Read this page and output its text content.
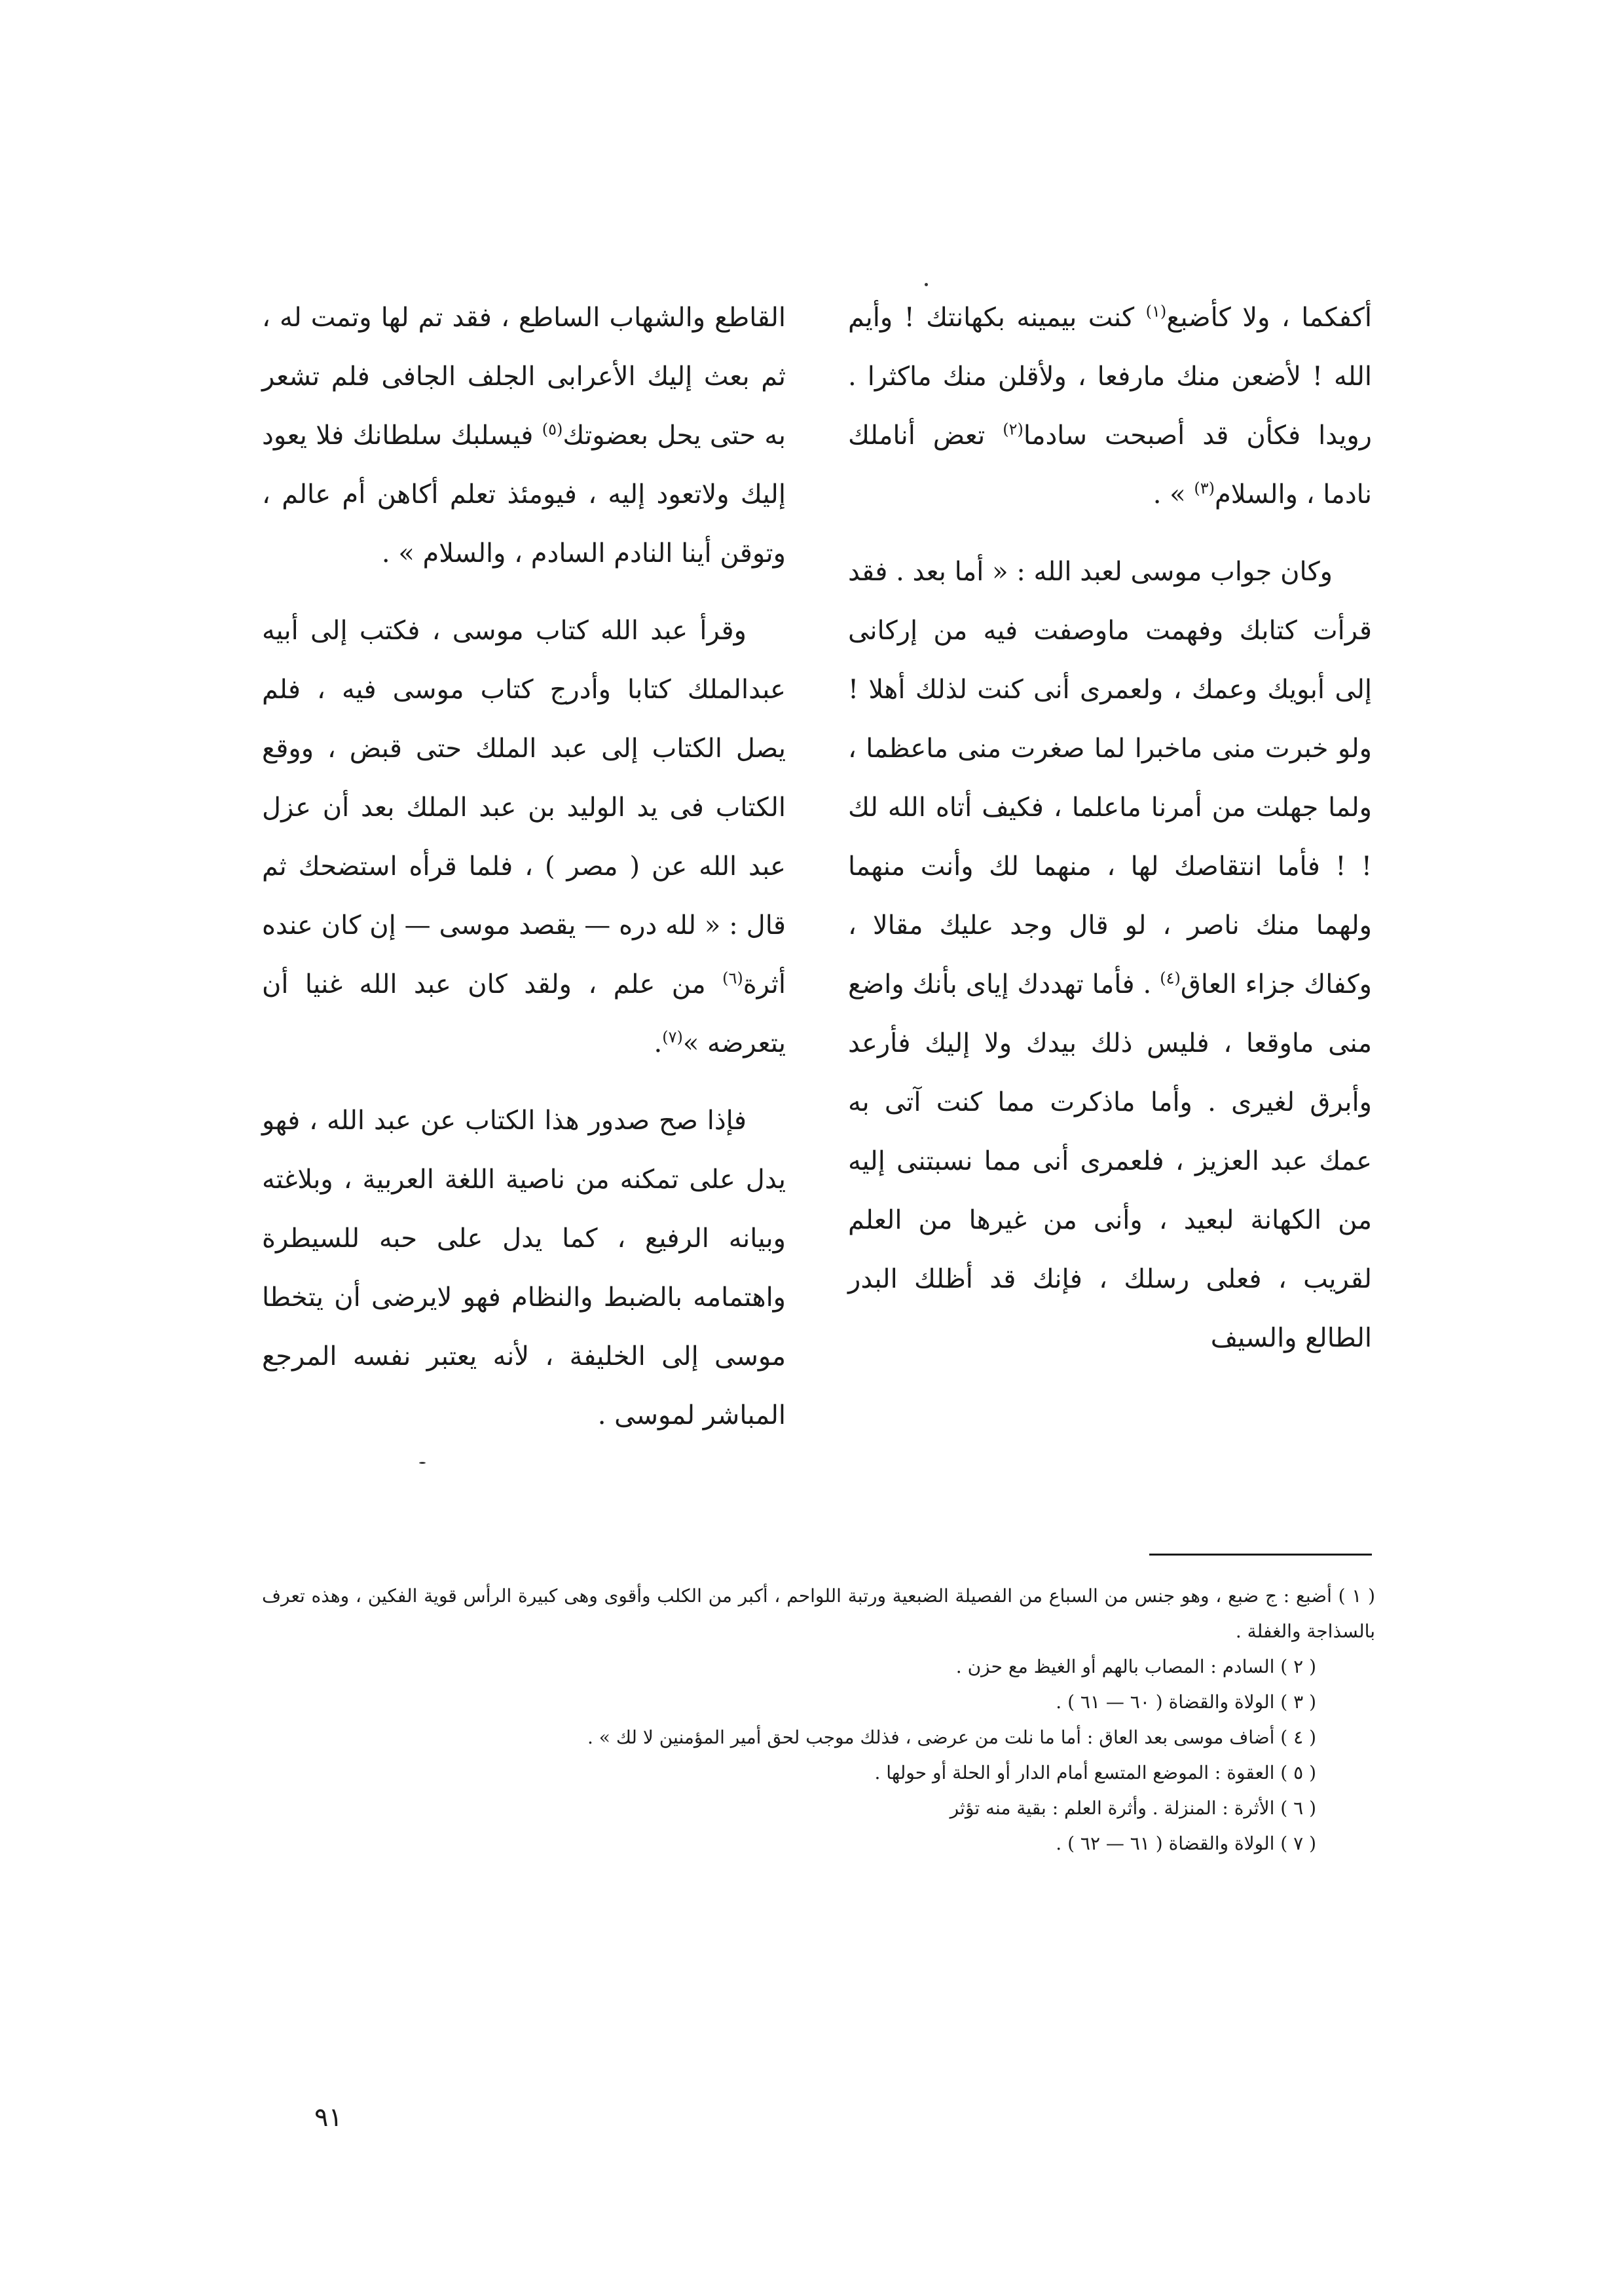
أكفكما ، ولا كأضبع$^{(١)}$ كنت بيمينه بكهانتك ! وأيم الله ! لأضعن منك مارفعا ، ولأقلن منك ماكثرا . رويدا فكأن قد أصبحت سادما$^{(٢)}$ تعض أناملك نادما ، والسلام$^{(٣)}$ » .

وكان جواب موسى لعبد الله : « أما بعد . فقد قرأت كتابك وفهمت ماوصفت فيه من إركانى إلى أبويك وعمك ، ولعمرى أنى كنت لذلك أهلا ! ولو خبرت منى ماخبرا لما صغرت منى ماعظما ، ولما جهلت من أمرنا ماعلما ، فكيف أتاه الله لك ! ! فأما انتقاصك لها ، منهما لك وأنت منهما ولهما منك ناصر ، لو قال وجد عليك مقالا ، وكفاك جزاء العاق$^{(٤)}$ . فأما تهددك إياى بأنك واضع منى ماوقعا ، فليس ذلك بيدك ولا إليك فأرعد وأبرق لغيرى . وأما ماذكرت مما كنت آتى به عمك عبد العزيز ، فلعمرى أنى مما نسبتنى إليه من الكهانة لبعيد ، وأنى من غيرها من العلم لقريب ، فعلى رسلك ، فإنك قد أظلك البدر الطالع والسيف

القاطع والشهاب الساطع ، فقد تم لها وتمت له ، ثم بعث إليك الأعرابى الجلف الجافى فلم تشعر به حتى يحل بعضوتك$^{(٥)}$ فيسلبك سلطانك فلا يعود إليك ولاتعود إليه ، فيومئذ تعلم أكاهن أم عالم ، وتوقن أينا النادم السادم ، والسلام » .

وقرأ عبد الله كتاب موسى ، فكتب إلى أبيه عبدالملك كتابا وأدرج كتاب موسى فيه ، فلم يصل الكتاب إلى عبد الملك حتى قبض ، ووقع الكتاب فى يد الوليد بن عبد الملك بعد أن عزل عبد الله عن ( مصر ) ، فلما قرأه استضحك ثم قال : « لله دره — يقصد موسى — إن كان عنده أثرة$^{(٦)}$ من علم ، ولقد كان عبد الله غنيا أن يتعرضه »$^{(٧)}$.

فإذا صح صدور هذا الكتاب عن عبد الله ، فهو يدل على تمكنه من ناصية اللغة العربية ، وبلاغته وبيانه الرفيع ، كما يدل على حبه للسيطرة واهتمامه بالضبط والنظام فهو لايرضى أن يتخطا موسى إلى الخليفة ، لأنه يعتبر نفسه المرجع المباشر لموسى .

( ١ ) أضبع : ج ضبع ، وهو جنس من السباع من الفصيلة الضبعية ورتبة اللواحم ، أكبر من الكلب وأقوى وهى كبيرة الرأس قوية الفكين ، وهذه تعرف بالسذاجة والغفلة .

( ٢ ) السادم : المصاب بالهم أو الغيظ مع حزن .

( ٣ ) الولاة والقضاة ( ٦٠ — ٦١ ) .

( ٤ ) أضاف موسى بعد العاق : أما ما نلت من عرضى ، فذلك موجب لحق أمير المؤمنين لا لك » .

( ٥ ) العقوة : الموضع المتسع أمام الدار أو الحلة أو حولها .

( ٦ ) الأثرة : المنزلة . وأثرة العلم : بقية منه تؤثر

( ٧ ) الولاة والقضاة ( ٦١ — ٦٢ ) .

٩١
